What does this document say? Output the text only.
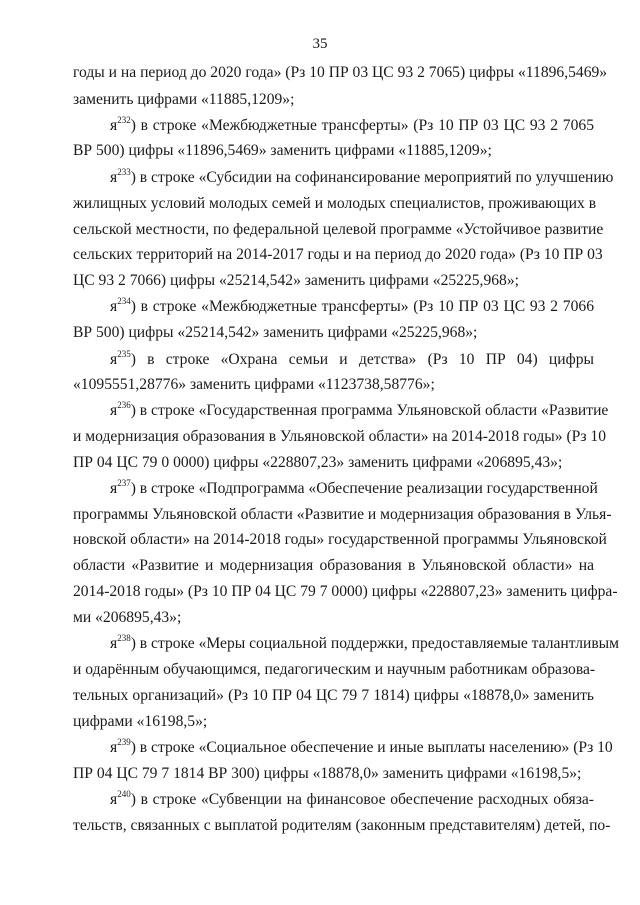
35
годы и на период до 2020 года» (Рз 10 ПР 03 ЦС 93 2 7065) цифры «11896,5469»
заменить цифрами «11885,1209»;
$я^{232}$) в строке «Межбюджетные трансферты» (Рз 10 ПР 03 ЦС 93 2 7065
ВР 500) цифры «11896,5469» заменить цифрами «11885,1209»;
$я^{233}$) в строке «Субсидии на софинансирование мероприятий по улучшению
жилищных условий молодых семей и молодых специалистов, проживающих в
сельской местности, по федеральной целевой программе «Устойчивое развитие
сельских территорий на 2014-2017 годы и на период до 2020 года» (Рз 10 ПР 03
ЦС 93 2 7066) цифры «25214,542» заменить цифрами «25225,968»;
$я^{234}$) в строке «Межбюджетные трансферты» (Рз 10 ПР 03 ЦС 93 2 7066
ВР 500) цифры «25214,542» заменить цифрами «25225,968»;
$я^{235}$) в строке «Охрана семьи и детства» (Рз 10 ПР 04) цифры
«1095551,28776» заменить цифрами «1123738,58776»;
$я^{236}$) в строке «Государственная программа Ульяновской области «Развитие
и модернизация образования в Ульяновской области» на 2014-2018 годы» (Рз 10
ПР 04 ЦС 79 0 0000) цифры «228807,23» заменить цифрами «206895,43»;
$я^{237}$) в строке «Подпрограмма «Обеспечение реализации государственной
программы Ульяновской области «Развитие и модернизация образования в Улья-
новской области» на 2014-2018 годы» государственной программы Ульяновской
области «Развитие и модернизация образования в Ульяновской области» на
2014-2018 годы» (Рз 10 ПР 04 ЦС 79 7 0000) цифры «228807,23» заменить цифра-
ми «206895,43»;
$я^{238}$) в строке «Меры социальной поддержки, предоставляемые талантливым
и одарённым обучающимся, педагогическим и научным работникам образова-
тельных организаций» (Рз 10 ПР 04 ЦС 79 7 1814) цифры «18878,0» заменить
цифрами «16198,5»;
$я^{239}$) в строке «Социальное обеспечение и иные выплаты населению» (Рз 10
ПР 04 ЦС 79 7 1814 ВР 300) цифры «18878,0» заменить цифрами «16198,5»;
$я^{240}$) в строке «Субвенции на финансовое обеспечение расходных обяза-
тельств, связанных с выплатой родителям (законным представителям) детей, по-
